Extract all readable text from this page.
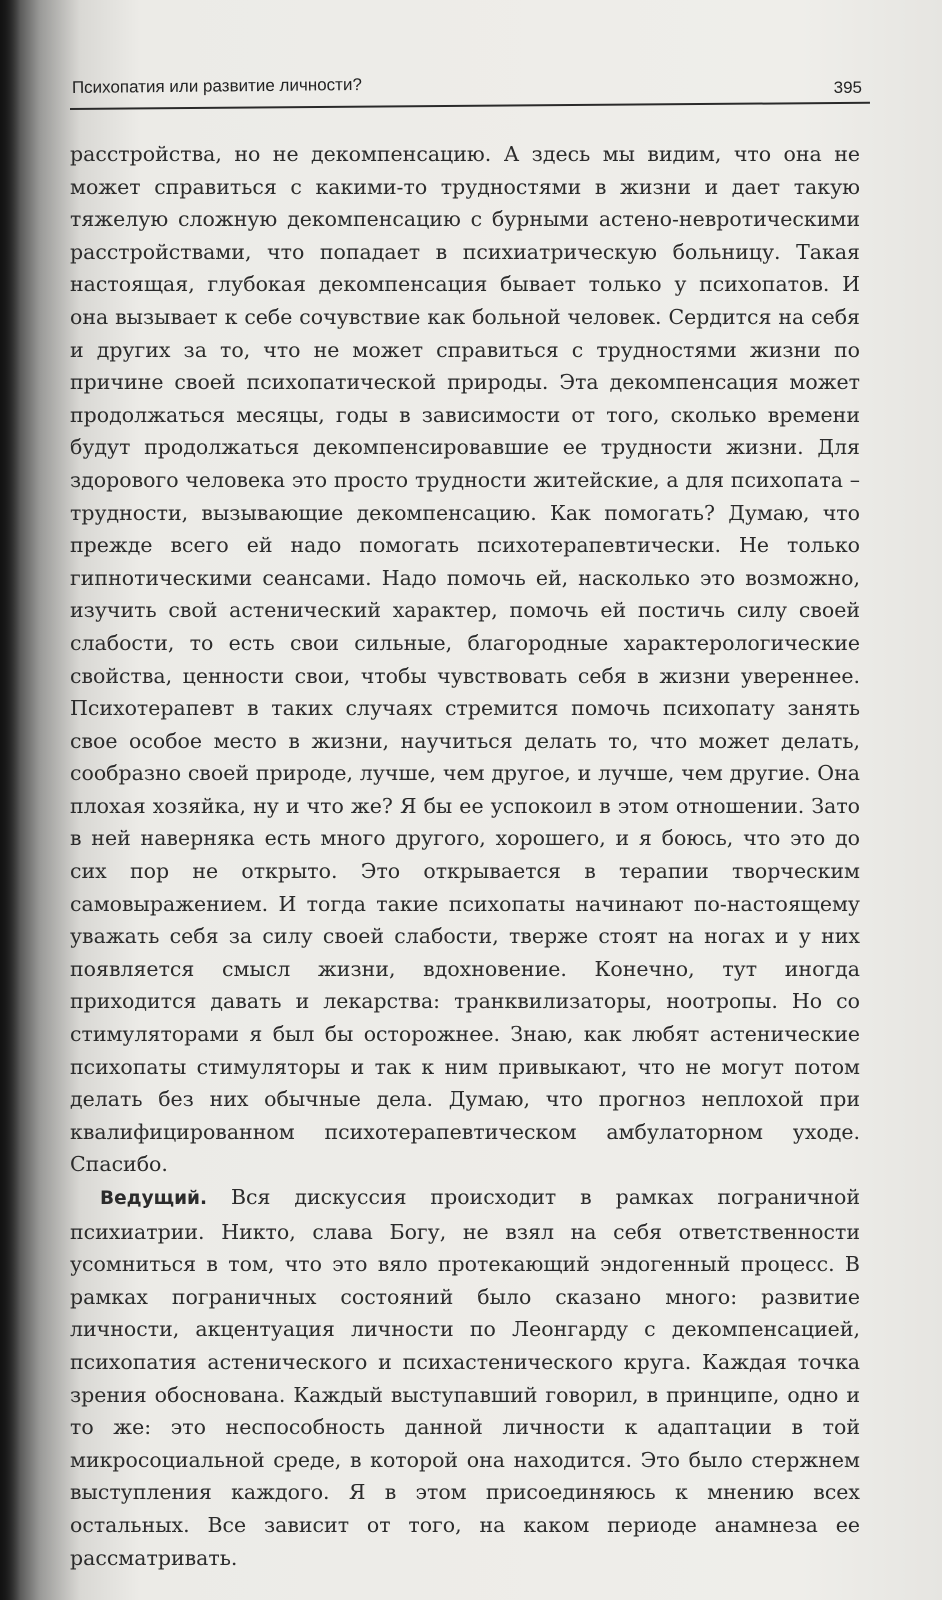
Психопатия или развитие личности?	395

расстройства, но не декомпенсацию. А здесь мы видим, что она не может справиться с какими-то трудностями в жизни и дает такую тяжелую сложную декомпенсацию с бурными астено-невротическими расстройствами, что попадает в психиатрическую больницу. Такая настоящая, глубокая декомпенсация бывает только у психопатов. И она вызывает к себе сочувствие как больной человек. Сердится на себя и других за то, что не может справиться с трудностями жизни по причине своей психопатической природы. Эта декомпенсация может продолжаться месяцы, годы в зависимости от того, сколько времени будут продолжаться декомпенсировавшие ее трудности жизни. Для здорового человека это просто трудности житейские, а для психопата – трудности, вызывающие декомпенсацию. Как помогать? Думаю, что прежде всего ей надо помогать психотерапевтически. Не только гипнотическими сеансами. Надо помочь ей, насколько это возможно, изучить свой астенический характер, помочь ей постичь силу своей слабости, то есть свои сильные, благородные характерологические свойства, ценности свои, чтобы чувствовать себя в жизни увереннее. Психотерапевт в таких случаях стремится помочь психопату занять свое особое место в жизни, научиться делать то, что может делать, сообразно своей природе, лучше, чем другое, и лучше, чем другие. Она плохая хозяйка, ну и что же? Я бы ее успокоил в этом отношении. Зато в ней наверняка есть много другого, хорошего, и я боюсь, что это до сих пор не открыто. Это открывается в терапии творческим самовыражением. И тогда такие психопаты начинают по-настоящему уважать себя за силу своей слабости, тверже стоят на ногах и у них появляется смысл жизни, вдохновение. Конечно, тут иногда приходится давать и лекарства: транквилизаторы, ноотропы. Но со стимуляторами я был бы осторожнее. Знаю, как любят астенические психопаты стимуляторы и так к ним привыкают, что не могут потом делать без них обычные дела. Думаю, что прогноз неплохой при квалифицированном психотерапевтическом амбулаторном уходе. Спасибо.

Ведущий. Вся дискуссия происходит в рамках пограничной психиатрии. Никто, слава Богу, не взял на себя ответственности усомниться в том, что это вяло протекающий эндогенный процесс. В рамках пограничных состояний было сказано много: развитие личности, акцентуация личности по Леонгарду с декомпенсацией, психопатия астенического и психастенического круга. Каждая точка зрения обоснована. Каждый выступавший говорил, в принципе, одно и то же: это неспособность данной личности к адаптации в той микросоциальной среде, в которой она находится. Это было стержнем выступления каждого. Я в этом присоединяюсь к мнению всех остальных. Все зависит от того, на каком периоде анамнеза ее рассматривать.
